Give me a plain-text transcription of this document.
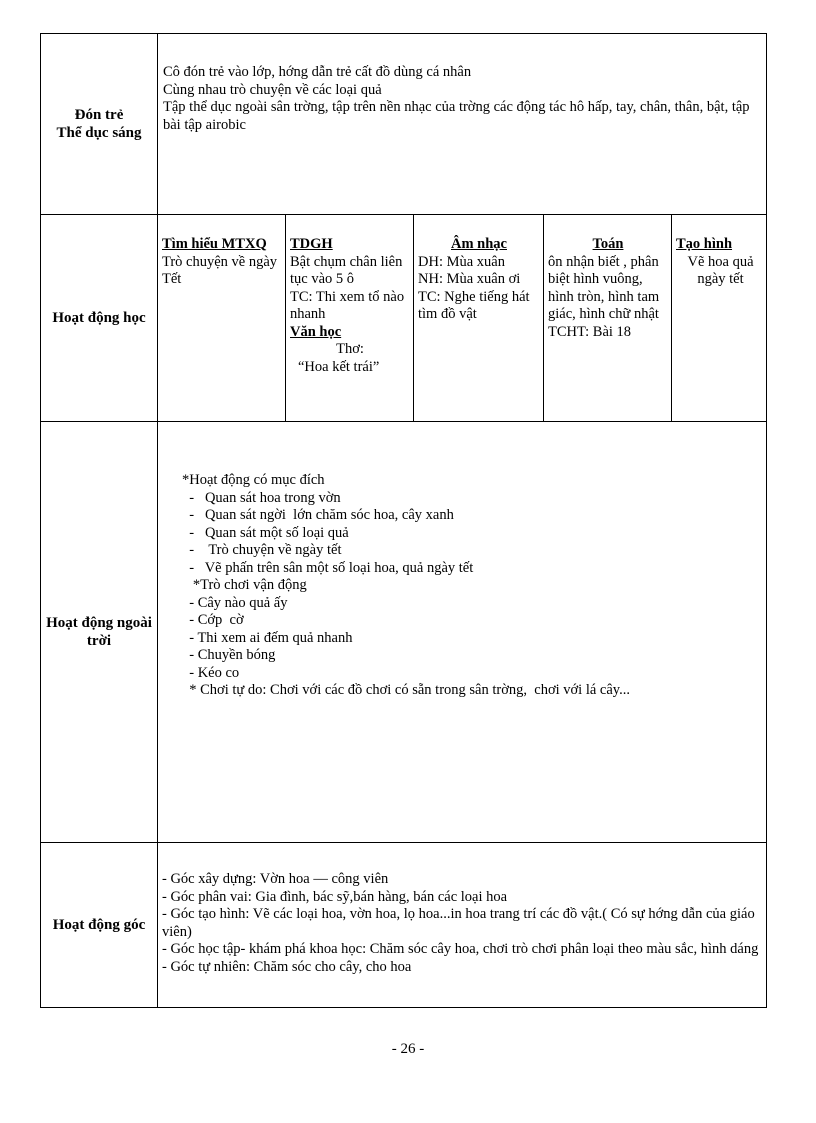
Đón trẻ
Thể dục sáng
Cô đón trẻ vào lớp, hớng dẫn trẻ cất đồ dùng cá nhân
Cùng nhau trò chuyện về các loại quả
Tập thể dục ngoài sân trờng, tập trên nền nhạc của trờng các động tác hô hấp, tay, chân, thân, bật, tập bài tập airobic
Hoạt động học
Tìm hiểu MTXQ
Trò chuyện về ngày Tết
TDGH
Bật chụm chân liên tục vào 5 ô
TC: Thi xem tổ nào nhanh
Văn học
Thơ:
“Hoa kết trái”
Âm nhạc
DH: Mùa xuân
NH: Mùa xuân ơi
TC: Nghe tiếng hát tìm đồ vật
Toán
ôn nhận biết , phân biệt hình vuông, hình tròn, hình tam giác, hình chữ nhật
TCHT: Bài 18
Tạo hình
Vẽ hoa quả ngày tết
Hoạt động ngoài trời
*Hoạt động có mục đích
-   Quan sát hoa trong vờn
-   Quan sát ngời  lớn chăm sóc hoa, cây xanh
-   Quan sát một số loại quả
-    Trò chuyện về ngày tết
-   Vẽ phấn trên sân một số loại hoa, quả ngày tết
*Trò chơi vận động
- Cây nào quả ấy
- Cớp  cờ
- Thi xem ai đếm quả nhanh
- Chuyền bóng
- Kéo co
* Chơi tự do: Chơi với các đồ chơi có sẵn trong sân trờng,  chơi với lá cây...
Hoạt động góc
- Góc xây dựng: Vờn hoa — công viên
- Góc phân vai: Gia đình, bác sỹ,bán hàng, bán các loại hoa
- Góc tạo hình: Vẽ các loại hoa, vờn hoa, lọ hoa...in hoa trang trí các đồ vật.( Có sự hớng dẫn của giáo viên)
- Góc học tập- khám phá khoa học: Chăm sóc cây hoa, chơi trò chơi phân loại theo màu sắc, hình dáng
- Góc tự nhiên: Chăm sóc cho cây, cho hoa
- 26 -
